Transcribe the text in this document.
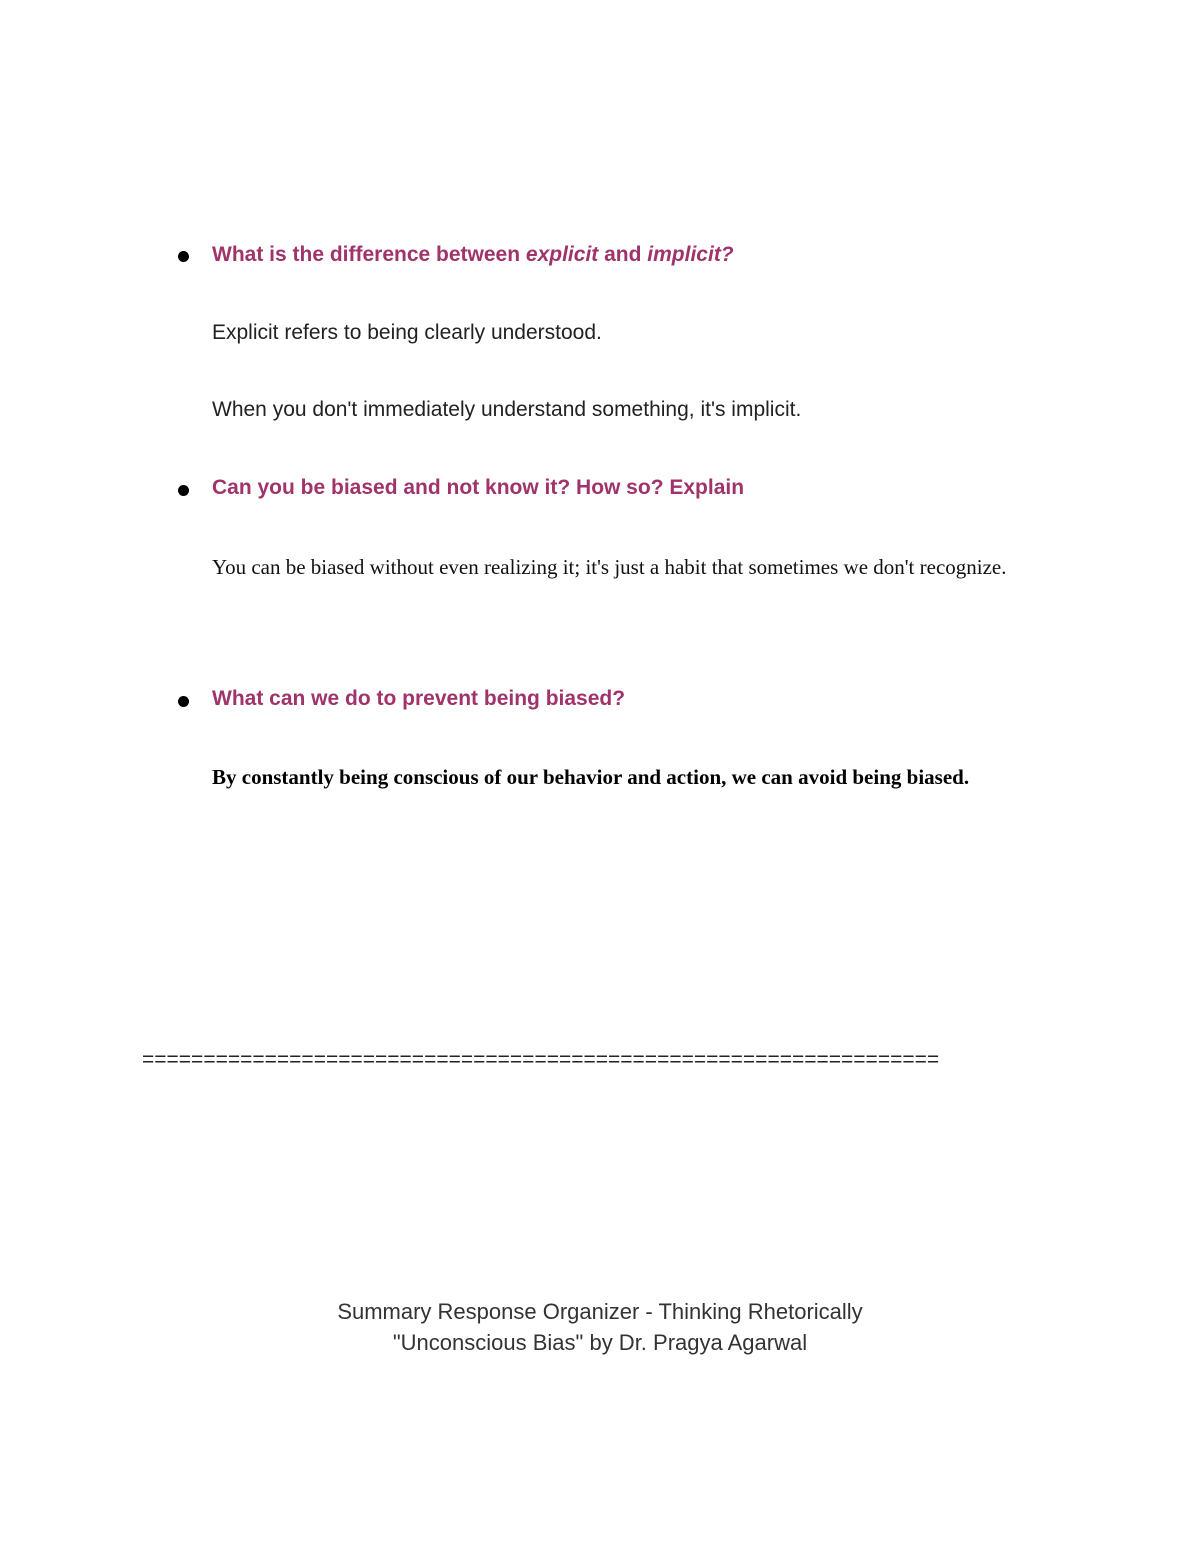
What is the difference between explicit and implicit?
Explicit refers to being clearly understood.
When you don't immediately understand something, it's implicit.
Can you be biased and not know it? How so? Explain
You can be biased without even realizing it; it's just a habit that sometimes we don't recognize.
What can we do to prevent being biased?
By constantly being conscious of our behavior and action, we can avoid being biased.
=================================================================
Summary Response Organizer - Thinking Rhetorically
"Unconscious Bias" by Dr. Pragya Agarwal
